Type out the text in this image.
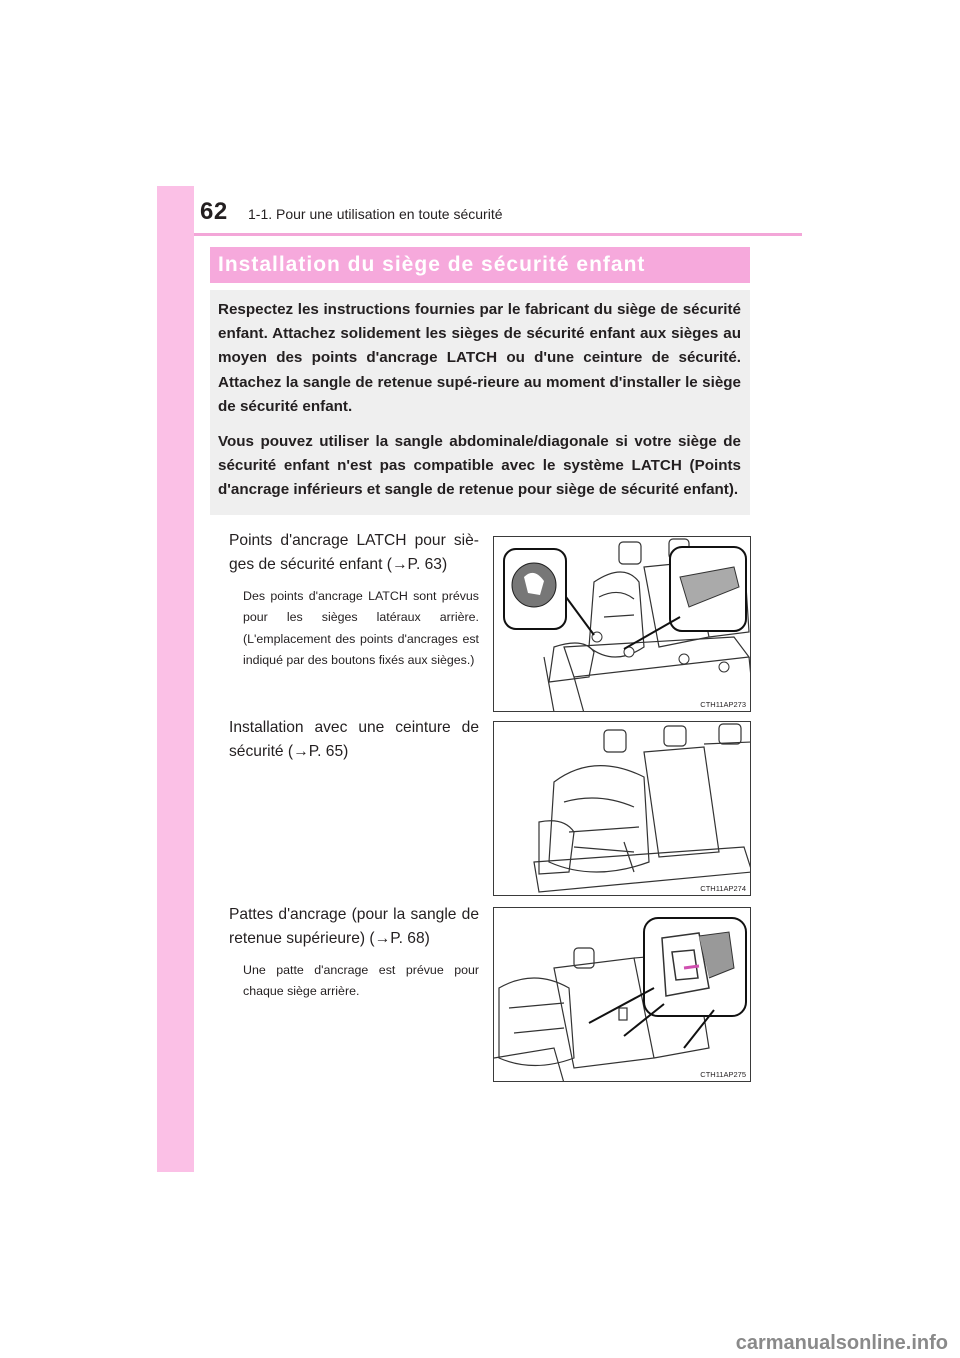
62 1-1. Pour une utilisation en toute sécurité
Installation du siège de sécurité enfant

Respectez les instructions fournies par le fabricant du siège de sécurité enfant. Attachez solidement les sièges de sécurité enfant aux sièges au moyen des points d'ancrage LATCH ou d'une ceinture de sécurité. Attachez la sangle de retenue supé-rieure au moment d'installer le siège de sécurité enfant.

Vous pouvez utiliser la sangle abdominale/diagonale si votre siège de sécurité enfant n'est pas compatible avec le système LATCH (Points d'ancrage inférieurs et sangle de retenue pour siège de sécurité enfant).

Points d'ancrage LATCH pour siè-ges de sécurité enfant (→P. 63)

Des points d'ancrage LATCH sont prévus pour les sièges latéraux arrière. (L'emplacement des points d'ancrages est indiqué par des boutons fixés aux sièges.)

CTH11AP273

Installation avec une ceinture de sécurité (→P. 65)

CTH11AP274

Pattes d'ancrage (pour la sangle de retenue supérieure) (→P. 68)

Une patte d'ancrage est prévue pour chaque siège arrière.

CTH11AP275
carmanualsonline.info
